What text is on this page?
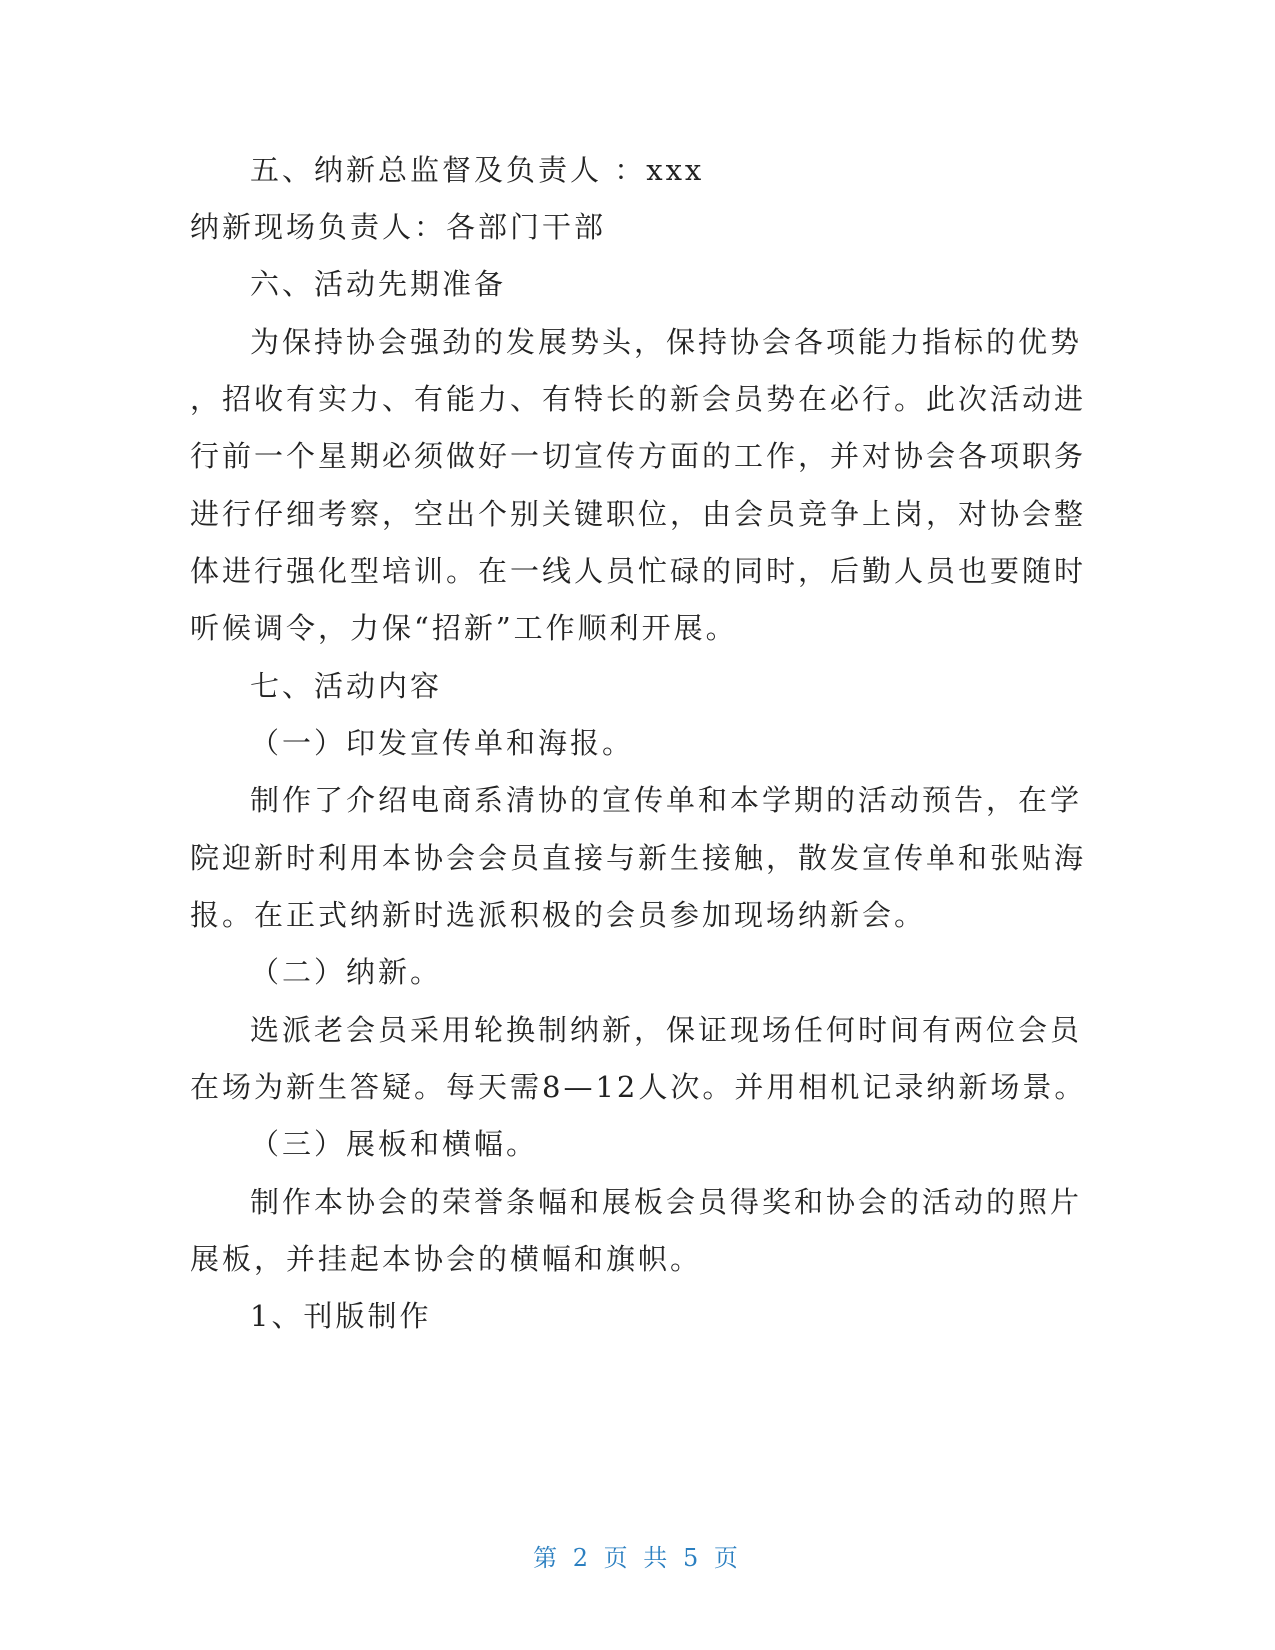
五、纳新总监督及负责人 ：xxx
纳新现场负责人：各部门干部
六、活动先期准备
为保持协会强劲的发展势头，保持协会各项能力指标的优势
，招收有实力、有能力、有特长的新会员势在必行。此次活动进
行前一个星期必须做好一切宣传方面的工作，并对协会各项职务
进行仔细考察，空出个别关键职位，由会员竞争上岗，对协会整
体进行强化型培训。在一线人员忙碌的同时，后勤人员也要随时
听候调令，力保“招新”工作顺利开展。
七、活动内容
（一）印发宣传单和海报。
制作了介绍电商系清协的宣传单和本学期的活动预告，在学
院迎新时利用本协会会员直接与新生接触，散发宣传单和张贴海
报。在正式纳新时选派积极的会员参加现场纳新会。
（二）纳新。
选派老会员采用轮换制纳新，保证现场任何时间有两位会员
在场为新生答疑。每天需8—12人次。并用相机记录纳新场景。
（三）展板和横幅。
制作本协会的荣誉条幅和展板会员得奖和协会的活动的照片
展板，并挂起本协会的横幅和旗帜。
1、刊版制作
第 2 页 共 5 页
